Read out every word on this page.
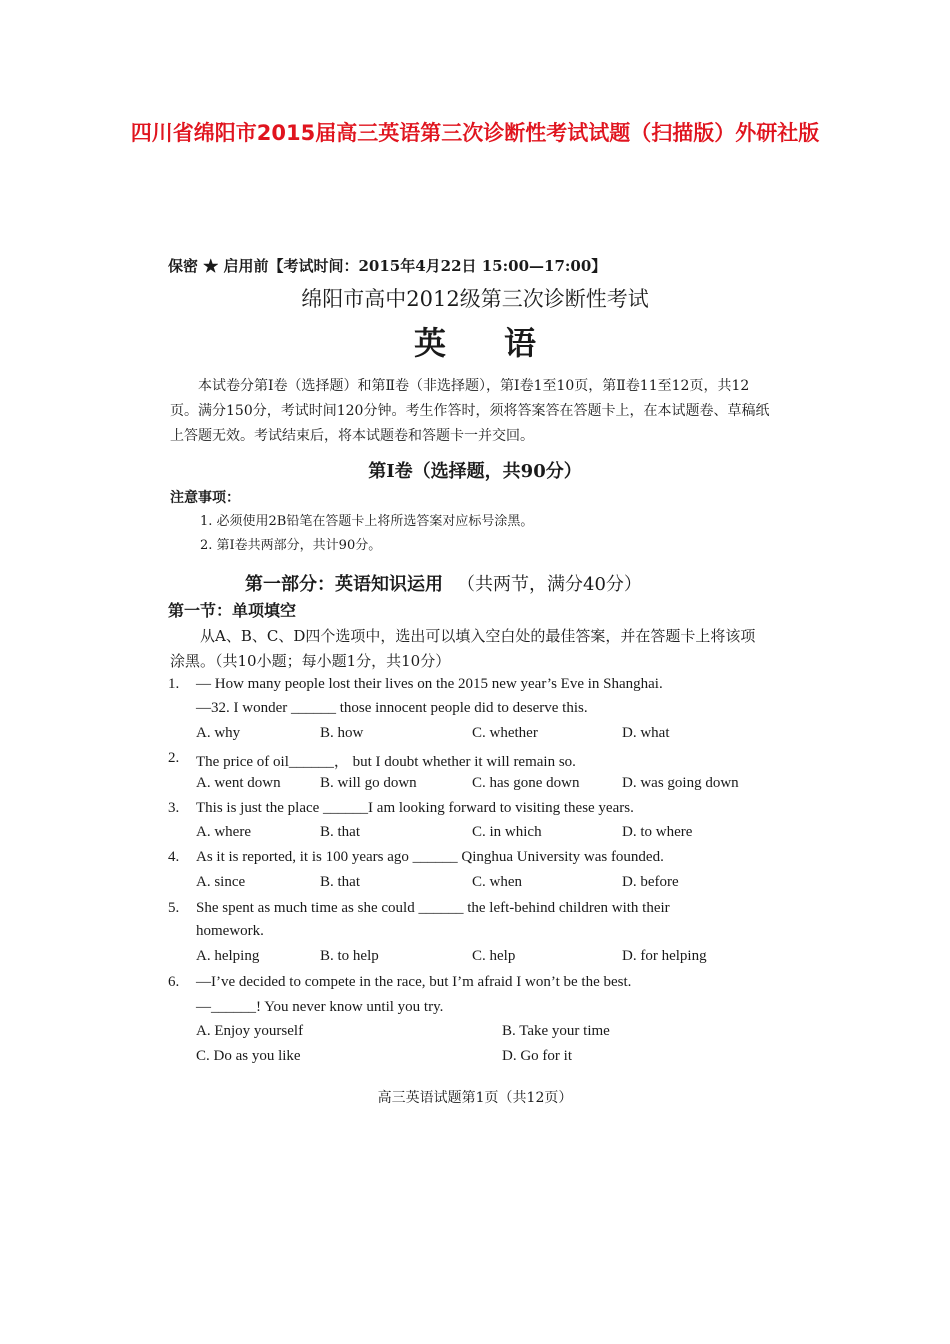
四川省绵阳市2015届高三英语第三次诊断性考试试题（扫描版）外研社版
保密 ★ 启用前【考试时间：2015年4月22日 15:00—17:00】
绵阳市高中2012级第三次诊断性考试
英语
本试卷分第Ⅰ卷（选择题）和第Ⅱ卷（非选择题），第Ⅰ卷1至10页，第Ⅱ卷11至12页，共12页。满分150分，考试时间120分钟。考生作答时，须将答案答在答题卡上，在本试题卷、草稿纸上答题无效。考试结束后，将本试题卷和答题卡一并交回。
第Ⅰ卷（选择题，共90分）
注意事项：
1. 必须使用2B铅笔在答题卡上将所选答案对应标号涂黑。
2. 第Ⅰ卷共两部分，共计90分。
第一部分：英语知识运用 （共两节，满分40分）
第一节：单项填空
从A、B、C、D四个选项中，选出可以填入空白处的最佳答案，并在答题卡上将该项涂黑。（共10小题；每小题1分，共10分）
1. — How many people lost their lives on the 2015 new year’s Eve in Shanghai.
—32. I wonder ______ those innocent people did to deserve this.
A. why	B. how	C. whether	D. what
2. The price of oil______， but I doubt whether it will remain so.
A. went down	B. will go down	C. has gone down	D. was going down
3. This is just the place ______I am looking forward to visiting these years.
A. where	B. that	C. in which	D. to where
4. As it is reported, it is 100 years ago ______ Qinghua University was founded.
A. since	B. that	C. when	D. before
5. She spent as much time as she could ______ the left-behind children with their
homework.
A. helping	B. to help	C. help	D. for helping
6. —I’ve decided to compete in the race, but I’m afraid I won’t be the best.
—______! You never know until you try.
A. Enjoy yourself	B. Take your time
C. Do as you like	D. Go for it
高三英语试题第1页（共12页）
